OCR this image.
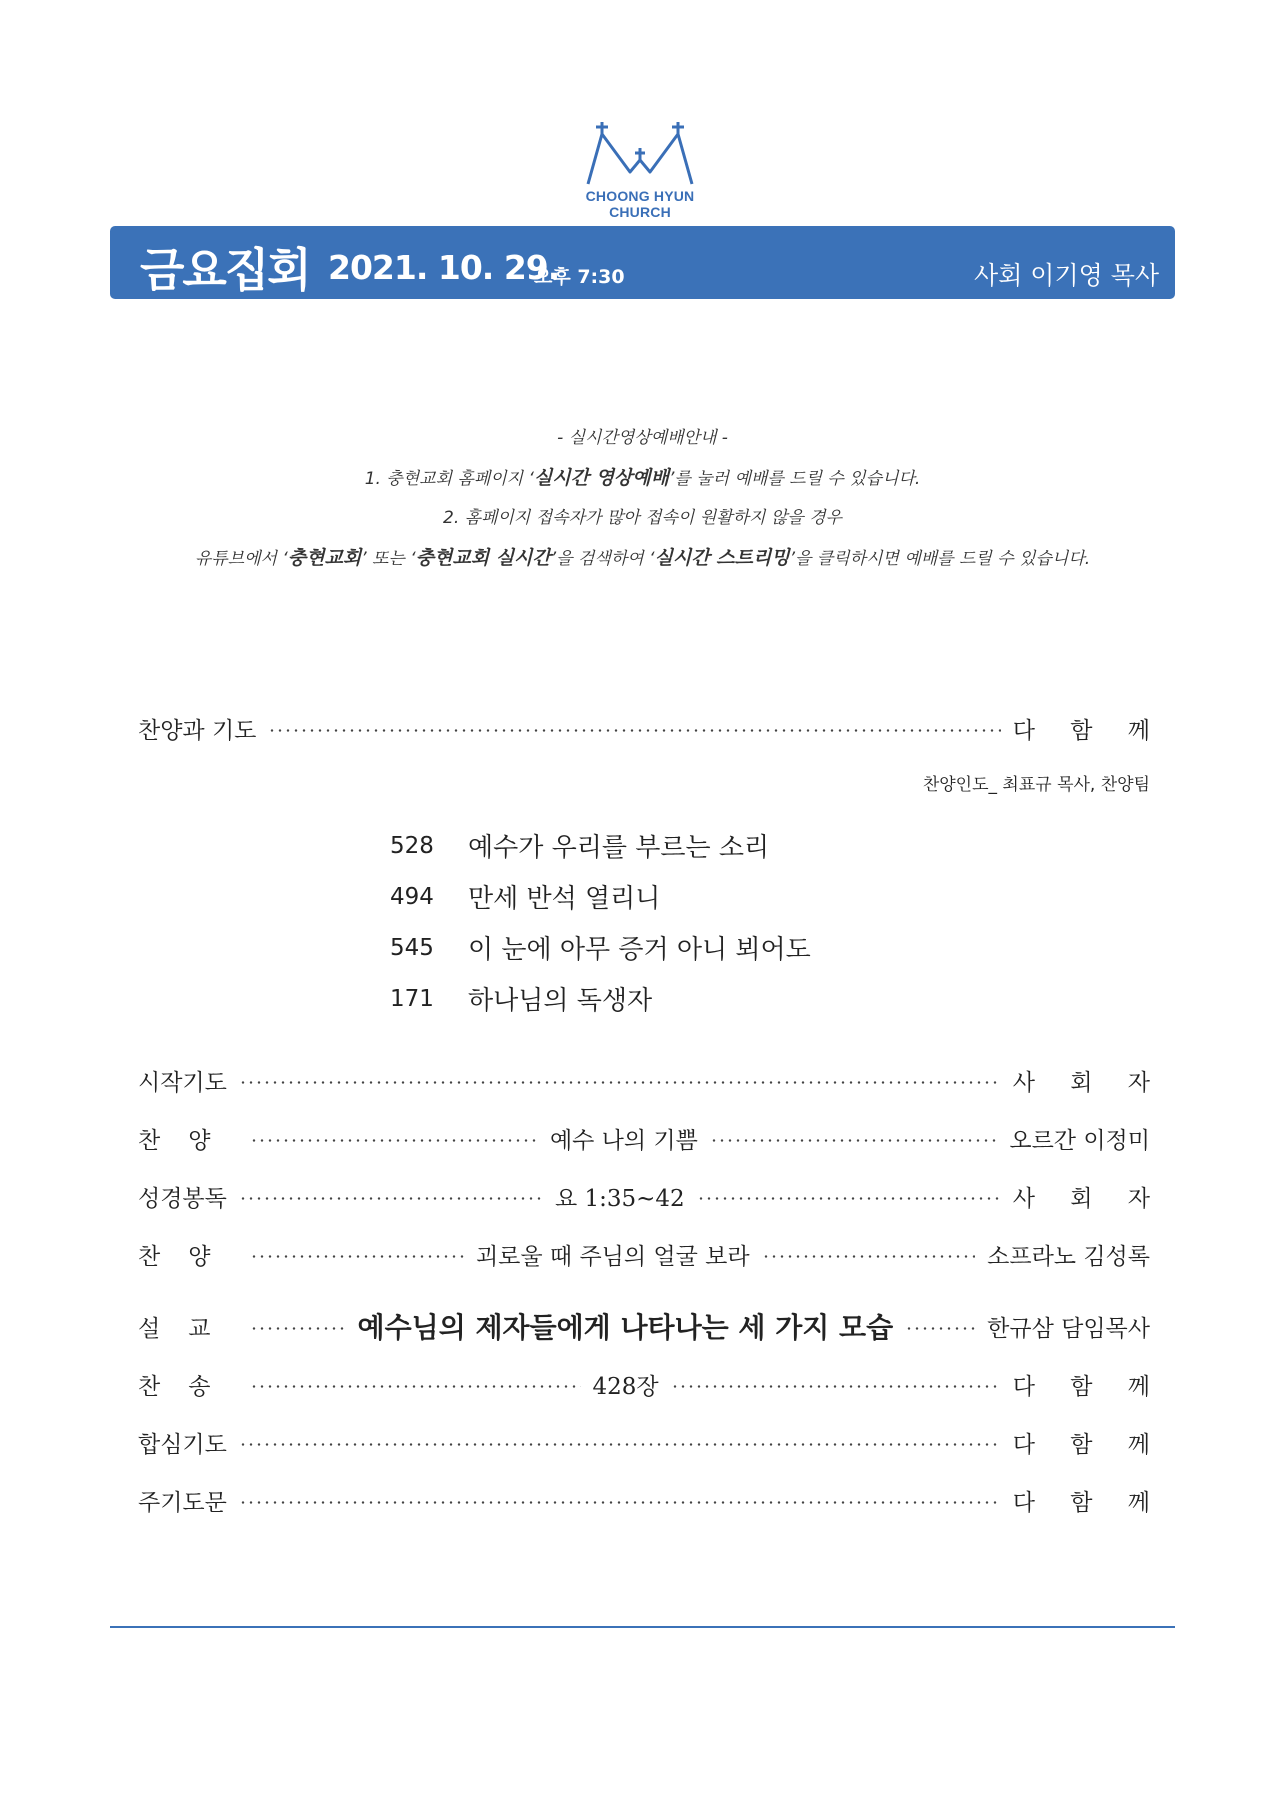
CHOONG HYUN CHURCH
금요집회 2021. 10. 29.
오후 7:30	사회 이기영 목사

- 실시간영상예배안내 -

1. 충현교회 홈페이지 ‘실시간 영상예배’를 눌러 예배를 드릴 수 있습니다.

2. 홈페이지 접속자가 많아 접속이 원활하지 않을 경우

유튜브에서 ‘충현교회’ 또는 ‘충현교회 실시간’을 검색하여 ‘실시간 스트리밍’을 클릭하시면 예배를 드릴 수 있습니다.

찬양과 기도	다 함 께
찬양인도_ 최표규 목사, 찬양팀
528	예수가 우리를 부르는 소리
494	만세 반석 열리니
545	이 눈에 아무 증거 아니 뵈어도
171	하나님의 독생자
시작기도	사 회 자
찬양	예수 나의 기쁨	오르간 이정미
성경봉독	요 1:35~42	사 회 자
찬양	괴로울 때 주님의 얼굴 보라	소프라노 김성록
설교	예수님의 제자들에게 나타나는 세 가지 모습	한규삼 담임목사
찬송	428장	다 함 께
합심기도	다 함 께
주기도문	다 함 께
